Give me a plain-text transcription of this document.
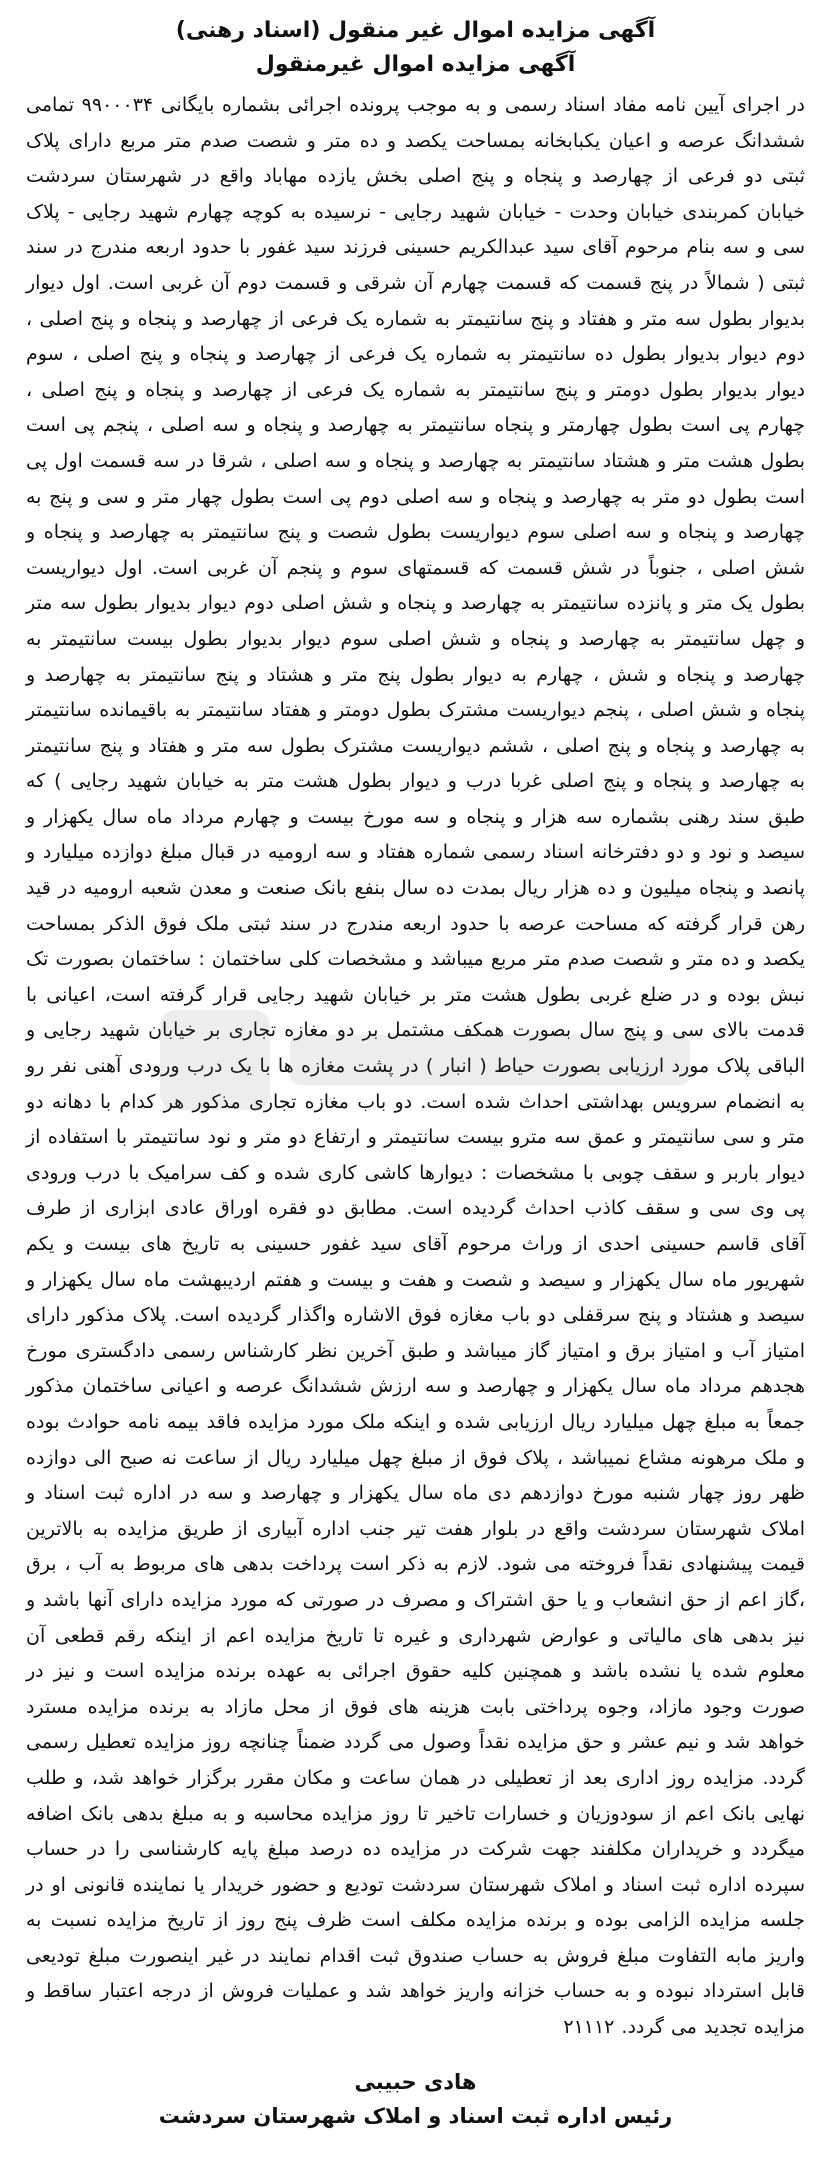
آگهی مزایده اموال غیر منقول (اسناد رهنی)
آگهی مزایده اموال غیرمنقول

در اجرای آیین نامه مفاد اسناد رسمی و به موجب پرونده اجرائی بشماره بایگانی ۹۹۰۰۰۳۴ تمامی ششدانگ عرصه و اعیان یکبابخانه بمساحت یکصد و ده متر و شصت صدم متر مربع دارای پلاک ثبتی دو فرعی از چهارصد و پنجاه و پنج اصلی بخش یازده مهاباد واقع در شهرستان سردشت خیابان کمربندی خیابان وحدت - خیابان شهید رجایی - نرسیده به کوچه چهارم شهید رجایی - پلاک سی و سه بنام مرحوم آقای سید عبدالکریم حسینی فرزند سید غفور با حدود اربعه مندرج در سند ثبتی ( شمالاً در پنج قسمت که قسمت چهارم آن شرقی و قسمت دوم آن غربی است. اول دیوار بدیوار بطول سه متر و هفتاد و پنج سانتیمتر به شماره یک فرعی از چهارصد و پنجاه و پنج اصلی ، دوم دیوار بدیوار بطول ده سانتیمتر به شماره یک فرعی از چهارصد و پنجاه و پنج اصلی ، سوم دیوار بدیوار بطول دومتر و پنج سانتیمتر به شماره یک فرعی از چهارصد و پنجاه و پنج اصلی ، چهارم پی است بطول چهارمتر و پنجاه سانتیمتر به چهارصد و پنجاه و سه اصلی ، پنجم پی است بطول هشت متر و هشتاد سانتیمتر به چهارصد و پنجاه و سه اصلی ، شرقا در سه قسمت اول پی است بطول دو متر به چهارصد و پنجاه و سه اصلی دوم پی است بطول چهار متر و سی و پنج به چهارصد و پنجاه و سه اصلی سوم دیواریست بطول شصت و پنج سانتیمتر به چهارصد و پنجاه و شش اصلی ، جنوباً در شش قسمت که قسمتهای سوم و پنجم آن غربی است. اول دیواریست بطول یک متر و پانزده سانتیمتر به چهارصد و پنجاه و شش اصلی دوم دیوار بدیوار بطول سه متر و چهل سانتیمتر به چهارصد و پنجاه و شش اصلی سوم دیوار بدیوار بطول بیست سانتیمتر به چهارصد و پنجاه و شش ، چهارم به دیوار بطول پنج متر و هشتاد و پنج سانتیمتر به چهارصد و پنجاه و شش اصلی ، پنجم دیواریست مشترک بطول دومتر و هفتاد سانتیمتر به باقیمانده سانتیمتر به چهارصد و پنجاه و پنج اصلی ، ششم دیواریست مشترک بطول سه متر و هفتاد و پنج سانتیمتر به چهارصد و پنجاه و پنج اصلی غربا درب و دیوار بطول هشت متر به خیابان شهید رجایی ) که طبق سند رهنی بشماره سه هزار و پنجاه و سه مورخ بیست و چهارم مرداد ماه سال یکهزار و سیصد و نود و دو دفترخانه اسناد رسمی شماره هفتاد و سه ارومیه در قبال مبلغ دوازده میلیارد و پانصد و پنجاه میلیون و ده هزار ریال بمدت ده سال بنفع بانک صنعت و معدن شعبه ارومیه در قید رهن قرار گرفته که مساحت عرصه با حدود اربعه مندرج در سند ثبتی ملک فوق الذکر بمساحت یکصد و ده متر و شصت صدم متر مربع میباشد و مشخصات کلی ساختمان : ساختمان بصورت تک نبش بوده و در ضلع غربی بطول هشت متر بر خیابان شهید رجایی قرار گرفته است، اعیانی با قدمت بالای سی و پنج سال بصورت همکف مشتمل بر دو مغازه تجاری بر خیابان شهید رجایی و الباقی پلاک مورد ارزیابی بصورت حیاط ( انبار ) در پشت مغازه ها با یک درب ورودی آهنی نفر رو به انضمام سرویس بهداشتی احداث شده است. دو باب مغازه تجاری مذکور هر کدام با دهانه دو متر و سی سانتیمتر و عمق سه مترو بیست سانتیمتر و ارتفاع دو متر و نود سانتیمتر با استفاده از دیوار باربر و سقف چوبی با مشخصات : دیوارها کاشی کاری شده و کف سرامیک با درب ورودی پی وی سی و سقف کاذب احداث گردیده است. مطابق دو فقره اوراق عادی ابزاری از طرف آقای قاسم حسینی احدی از وراث مرحوم آقای سید غفور حسینی به تاریخ های بیست و یکم شهریور ماه سال یکهزار و سیصد و شصت و هفت و بیست و هفتم اردیبهشت ماه سال یکهزار و سیصد و هشتاد و پنج سرقفلی دو باب مغازه فوق الاشاره واگذار گردیده است. پلاک مذکور دارای امتیاز آب و امتیاز برق و امتیاز گاز میباشد و طبق آخرین نظر کارشناس رسمی دادگستری مورخ هجدهم مرداد ماه سال یکهزار و چهارصد و سه ارزش ششدانگ عرصه و اعیانی ساختمان مذکور جمعاً به مبلغ چهل میلیارد ریال ارزیابی شده و اینکه ملک مورد مزایده فاقد بیمه نامه حوادث بوده و ملک مرهونه مشاع نمیباشد ، پلاک فوق از مبلغ چهل میلیارد ریال از ساعت نه صبح الی دوازده ظهر روز چهار شنبه مورخ دوازدهم دی ماه سال یکهزار و چهارصد و سه در اداره ثبت اسناد و املاک شهرستان سردشت واقع در بلوار هفت تیر جنب اداره آبیاری از طریق مزایده به بالاترین قیمت پیشنهادی نقداً فروخته می شود. لازم به ذکر است پرداخت بدهی های مربوط به آب ، برق ،گاز اعم از حق انشعاب و یا حق اشتراک و مصرف در صورتی که مورد مزایده دارای آنها باشد و نیز بدهی های مالیاتی و عوارض شهرداری و غیره تا تاریخ مزایده اعم از اینکه رقم قطعی آن معلوم شده یا نشده باشد و همچنین کلیه حقوق اجرائی به عهده برنده مزایده است و نیز در صورت وجود مازاد، وجوه پرداختی بابت هزینه های فوق از محل مازاد به برنده مزایده مسترد خواهد شد و نیم عشر و حق مزایده نقداً وصول می گردد ضمناً چنانچه روز مزایده تعطیل رسمی گردد. مزایده روز اداری بعد از تعطیلی در همان ساعت و مکان مقرر برگزار خواهد شد، و طلب نهایی بانک اعم از سودوزیان و خسارات تاخیر تا روز مزایده محاسبه و به مبلغ بدهی بانک اضافه میگردد و خریداران مکلفند جهت شرکت در مزایده ده درصد مبلغ پایه کارشناسی را در حساب سپرده اداره ثبت اسناد و املاک شهرستان سردشت تودیع و حضور خریدار یا نماینده قانونی او در جلسه مزایده الزامی بوده و برنده مزایده مکلف است ظرف پنج روز از تاریخ مزایده نسبت به واریز مابه التفاوت مبلغ فروش به حساب صندوق ثبت اقدام نمایند در غیر اینصورت مبلغ تودیعی قابل استرداد نبوده و به حساب خزانه واریز خواهد شد و عملیات فروش از درجه اعتبار ساقط و مزایده تجدید می گردد. ۲۱۱۱۲

هادی حبیبی
رئیس اداره ثبت اسناد و املاک شهرستان سردشت
